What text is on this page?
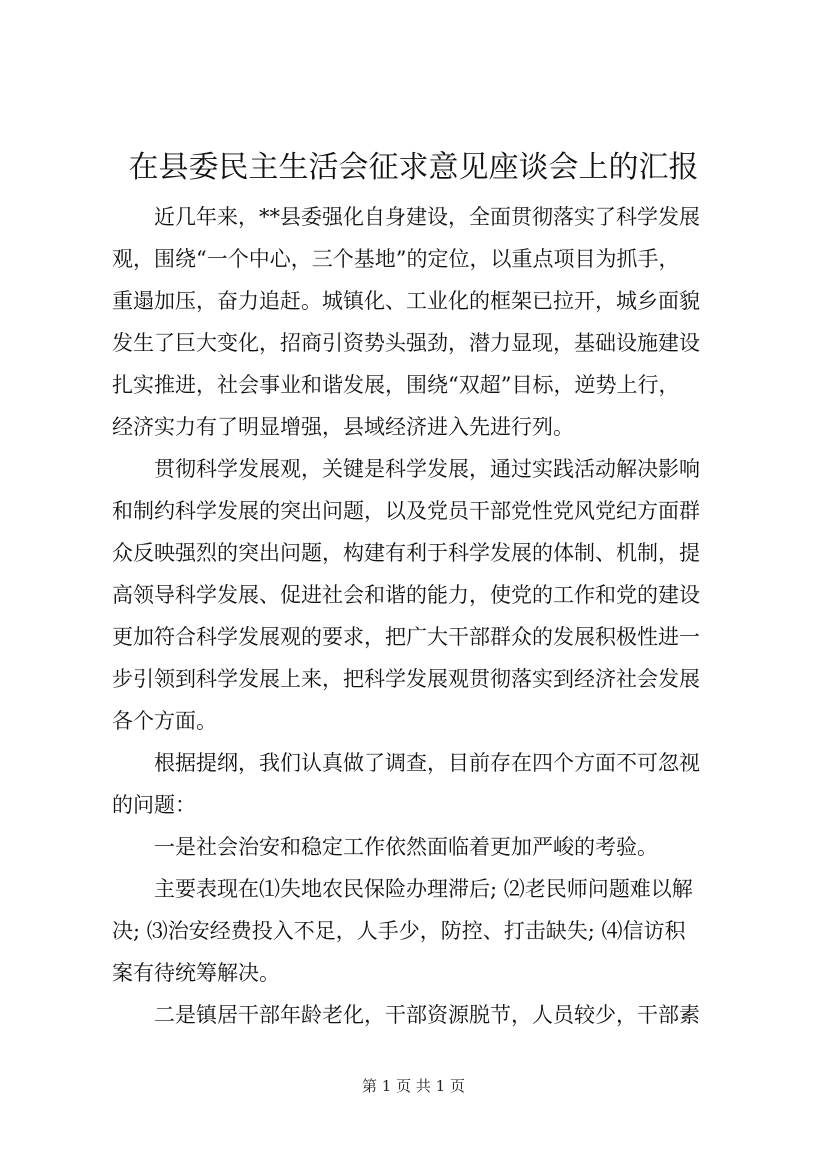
在县委民主生活会征求意见座谈会上的汇报
近几年来，**县委强化自身建设，全面贯彻落实了科学发展
观，围绕“一个中心，三个基地”的定位，以重点项目为抓手，
重遢加压，奋力追赶。城镇化、工业化的框架已拉开，城乡面貌
发生了巨大变化，招商引资势头强劲，潜力显现，基础设施建设
扎实推进，社会事业和谐发展，围绕“双超”目标，逆势上行，
经济实力有了明显增强，县域经济进入先进行列。
贯彻科学发展观，关键是科学发展，通过实践活动解决影响
和制约科学发展的突出问题，以及党员干部党性党风党纪方面群
众反映强烈的突出问题，构建有利于科学发展的体制、机制，提
高领导科学发展、促进社会和谐的能力，使党的工作和党的建设
更加符合科学发展观的要求，把广大干部群众的发展积极性进一
步引领到科学发展上来，把科学发展观贯彻落实到经济社会发展
各个方面。
根据提纲，我们认真做了调查，目前存在四个方面不可忽视
的问题：
一是社会治安和稳定工作依然面临着更加严峻的考验。
主要表现在⑴失地农民保险办理滞后; ⑵老民师问题难以解
决; ⑶治安经费投入不足，人手少，防控、打击缺失; ⑷信访积
案有待统筹解决。
二是镇居干部年龄老化，干部资源脱节，人员较少，干部素
第 1 页 共 1 页
